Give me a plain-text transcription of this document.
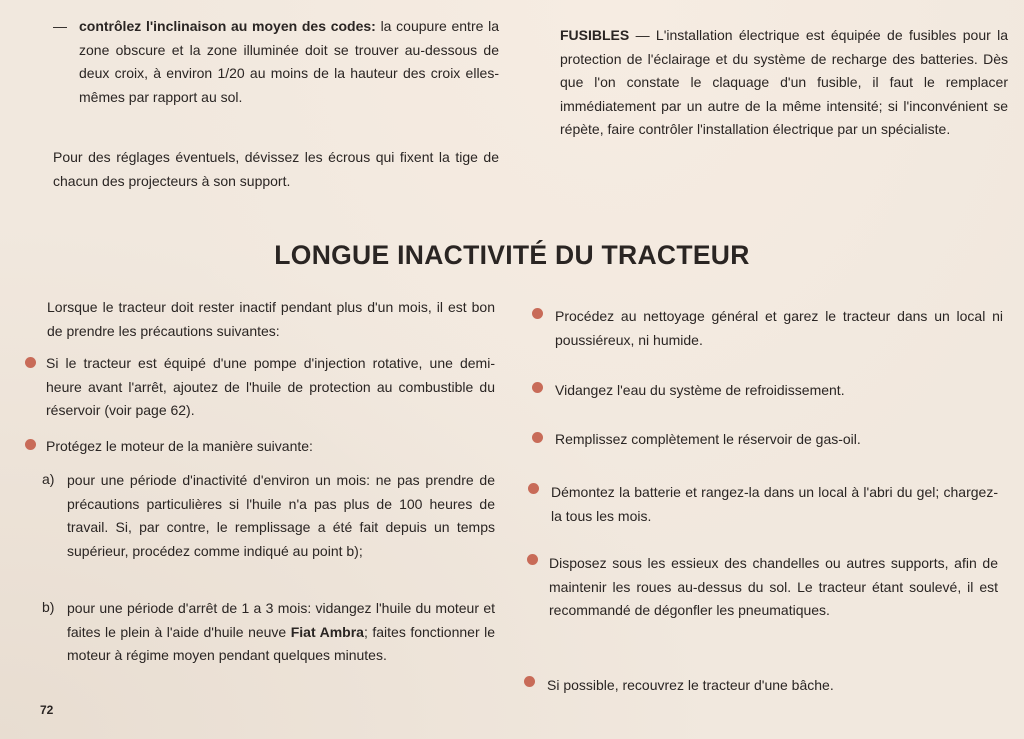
— contrôlez l'inclinaison au moyen des codes: la coupure entre la zone obscure et la zone illuminée doit se trouver au-dessous de deux croix, à environ 1/20 au moins de la hauteur des croix elles-mêmes par rapport au sol.

Pour des réglages éventuels, dévissez les écrous qui fixent la tige de chacun des projecteurs à son support.

FUSIBLES — L'installation électrique est équipée de fusibles pour la protection de l'éclairage et du système de recharge des batteries. Dès que l'on constate le claquage d'un fusible, il faut le remplacer immédiatement par un autre de la même intensité; si l'inconvénient se répète, faire contrôler l'installation électrique par un spécialiste.

LONGUE INACTIVITÉ DU TRACTEUR

Lorsque le tracteur doit rester inactif pendant plus d'un mois, il est bon de prendre les précautions suivantes:

Si le tracteur est équipé d'une pompe d'injection rotative, une demi-heure avant l'arrêt, ajoutez de l'huile de protection au combustible du réservoir (voir page 62).

Protégez le moteur de la manière suivante:

a) pour une période d'inactivité d'environ un mois: ne pas prendre de précautions particulières si l'huile n'a pas plus de 100 heures de travail. Si, par contre, le remplissage a été fait depuis un temps supérieur, procédez comme indiqué au point b);

b) pour une période d'arrêt de 1 a 3 mois: vidangez l'huile du moteur et faites le plein à l'aide d'huile neuve Fiat Ambra; faites fonctionner le moteur à régime moyen pendant quelques minutes.

Procédez au nettoyage général et garez le tracteur dans un local ni poussiéreux, ni humide.

Vidangez l'eau du système de refroidissement.

Remplissez complètement le réservoir de gas-oil.

Démontez la batterie et rangez-la dans un local à l'abri du gel; chargez-la tous les mois.

Disposez sous les essieux des chandelles ou autres supports, afin de maintenir les roues au-dessus du sol. Le tracteur étant soulevé, il est recommandé de dégonfler les pneumatiques.

Si possible, recouvrez le tracteur d'une bâche.

72
